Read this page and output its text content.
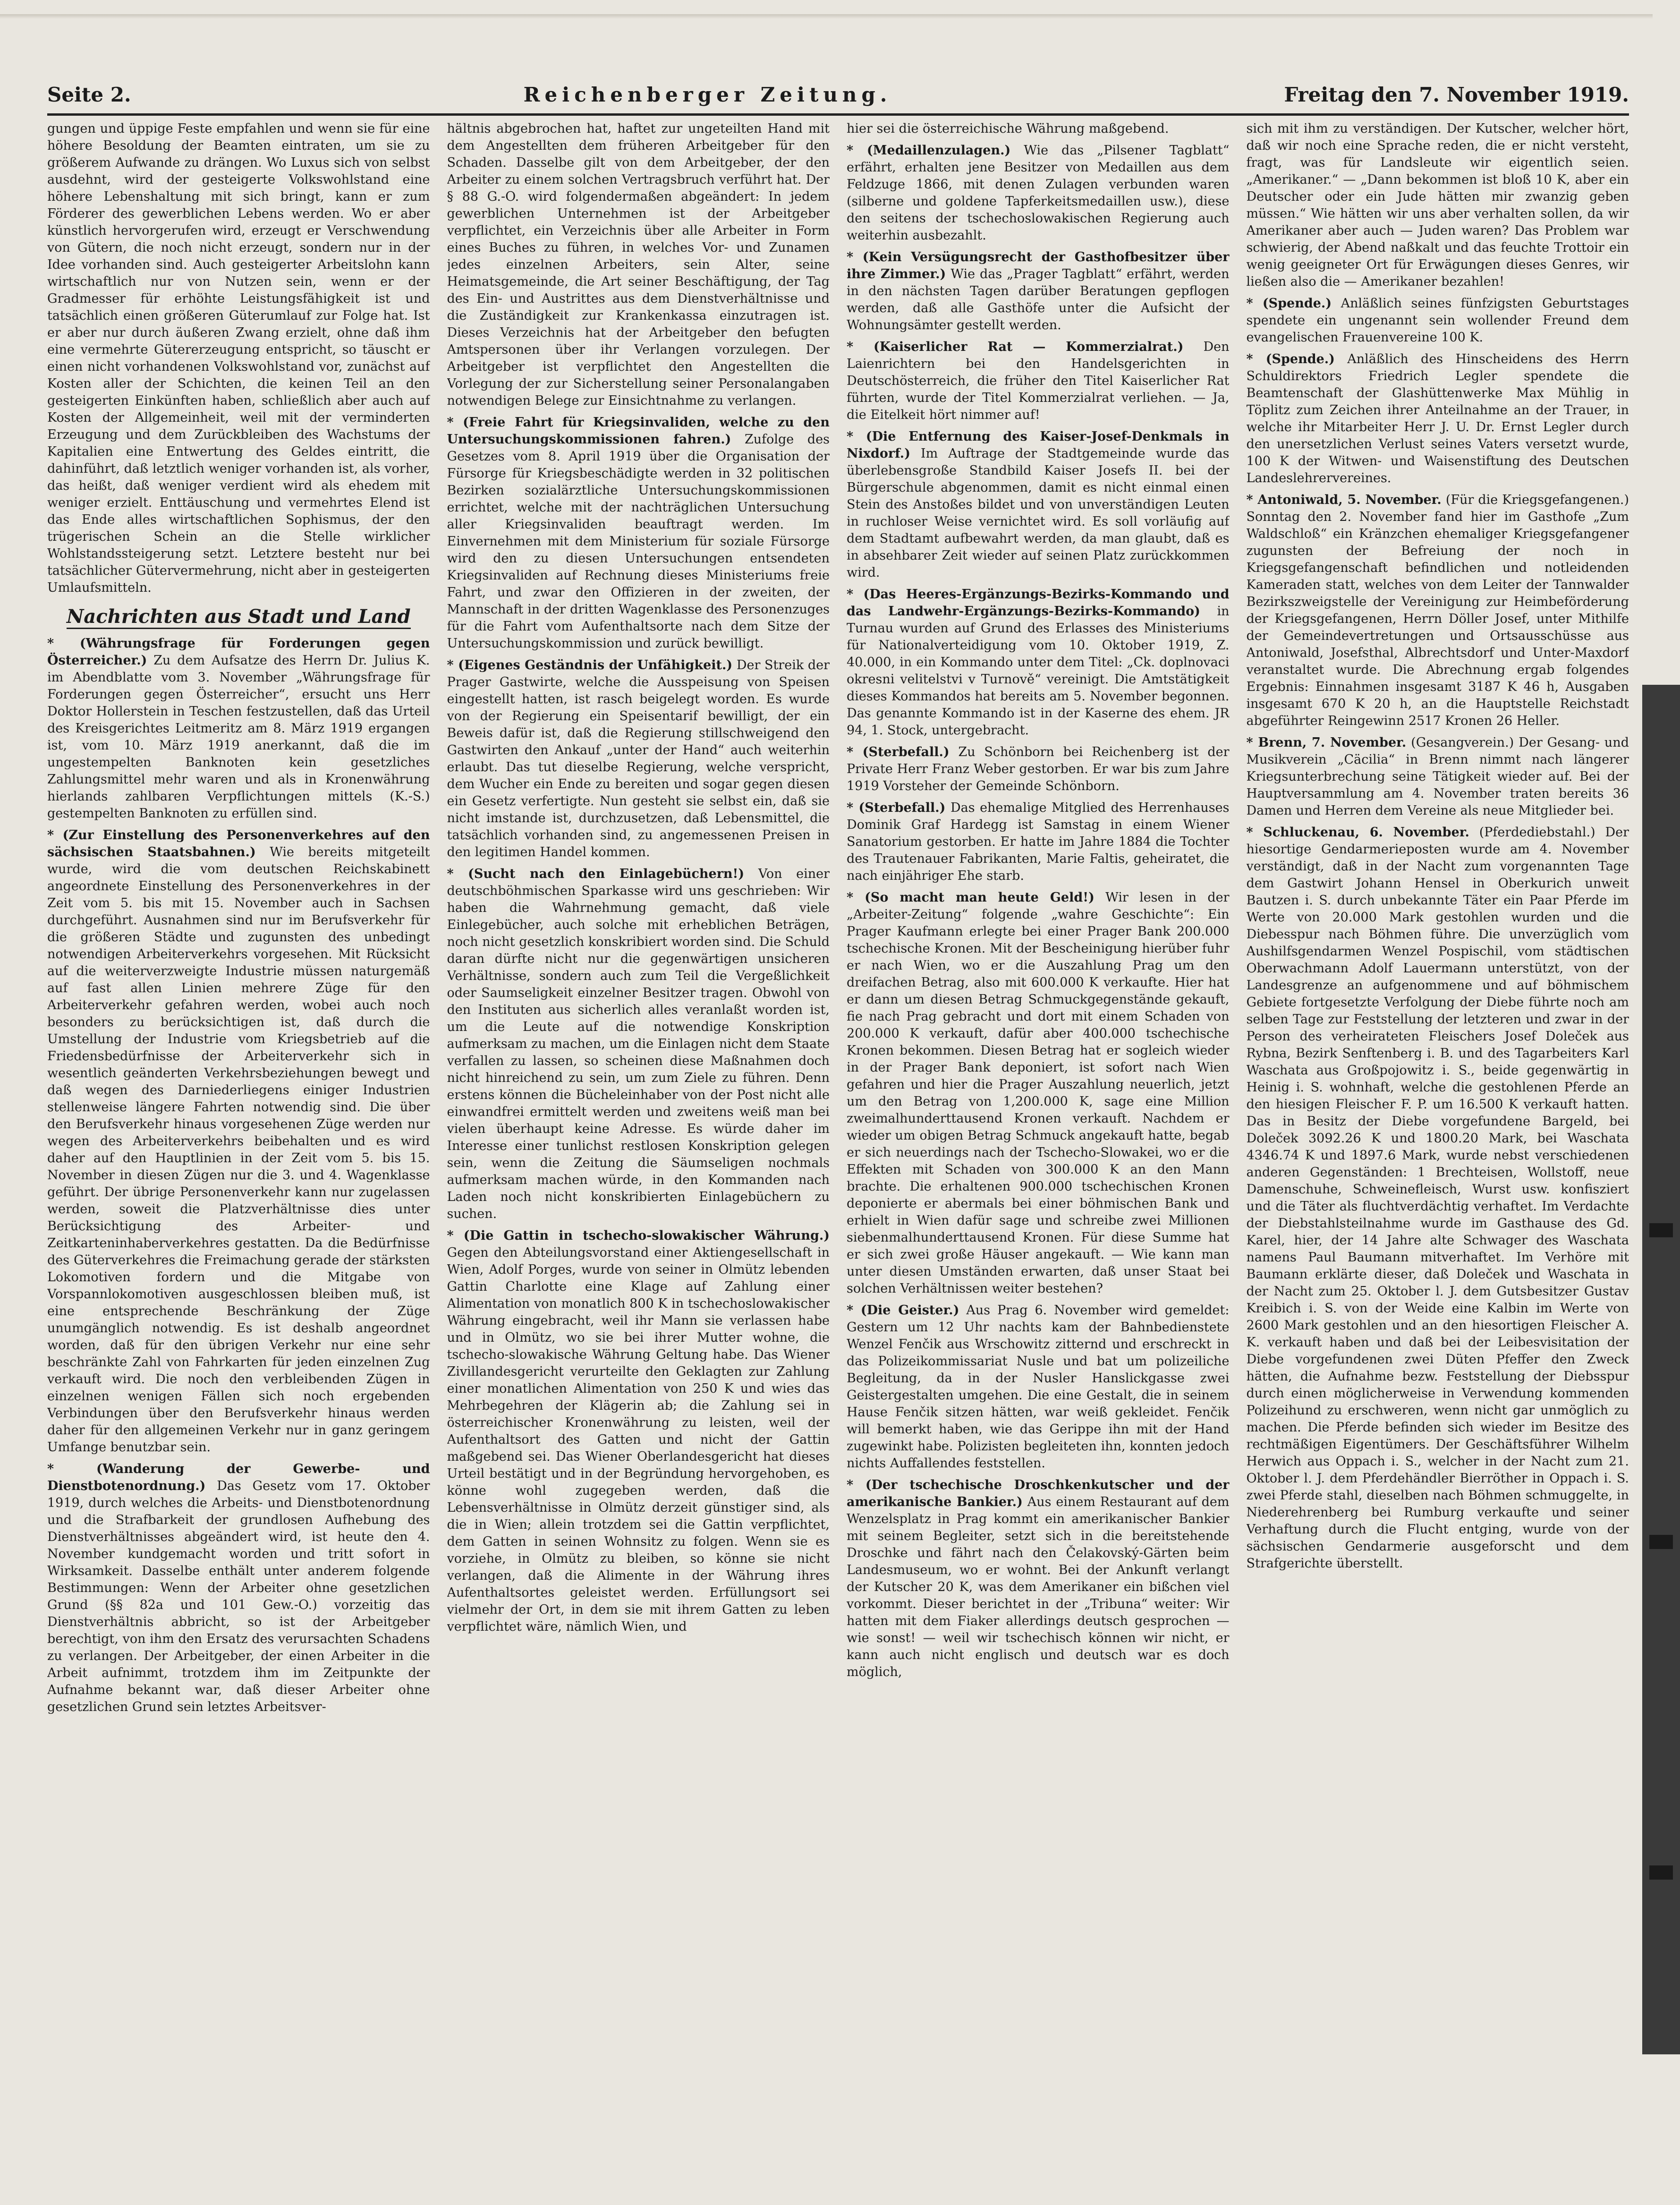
Seite 2.	Reichenberger Zeitung.	Freitag den 7. November 1919.

gungen und üppige Feste empfahlen und wenn sie für eine höhere Besoldung der Beamten eintraten, um sie zu größerem Aufwande zu drängen. Wo Luxus sich von selbst ausdehnt, wird der gesteigerte Volkswohlstand eine höhere Lebenshaltung mit sich bringt, kann er zum Förderer des gewerblichen Lebens werden. Wo er aber künstlich hervorgerufen wird, erzeugt er Verschwendung von Gütern, die noch nicht erzeugt, sondern nur in der Idee vorhanden sind. Auch gesteigerter Arbeitslohn kann wirtschaftlich nur von Nutzen sein, wenn er der Gradmesser für erhöhte Leistungsfähigkeit ist und tatsächlich einen größeren Güterumlauf zur Folge hat. Ist er aber nur durch äußeren Zwang erzielt, ohne daß ihm eine vermehrte Gütererzeugung entspricht, so täuscht er einen nicht vorhandenen Volkswohlstand vor, zunächst auf Kosten aller der Schichten, die keinen Teil an den gesteigerten Einkünften haben, schließlich aber auch auf Kosten der Allgemeinheit, weil mit der verminderten Erzeugung und dem Zurückbleiben des Wachstums der Kapitalien eine Entwertung des Geldes eintritt, die dahinführt, daß letztlich weniger vorhanden ist, als vorher, das heißt, daß weniger verdient wird als ehedem mit weniger erzielt. Enttäuschung und vermehrtes Elend ist das Ende alles wirtschaftlichen Sophismus, der den trügerischen Schein an die Stelle wirklicher Wohlstandssteigerung setzt. Letztere besteht nur bei tatsächlicher Gütervermehrung, nicht aber in gesteigerten Umlaufsmitteln.

Nachrichten aus Stadt und Land

* (Währungsfrage für Forderungen gegen Österreicher.) Zu dem Aufsatze des Herrn Dr. Julius K. im Abendblatte vom 3. November „Währungsfrage für Forderungen gegen Österreicher“, ersucht uns Herr Doktor Hollerstein in Teschen festzustellen, daß das Urteil des Kreisgerichtes Leitmeritz am 8. März 1919 ergangen ist, vom 10. März 1919 anerkannt, daß die im ungestempelten Banknoten kein gesetzliches Zahlungsmittel mehr waren und als in Kronenwährung hierlands zahlbaren Verpflichtungen mittels (K.-S.) gestempelten Banknoten zu erfüllen sind.

* (Zur Einstellung des Personenverkehres auf den sächsischen Staatsbahnen.) Wie bereits mitgeteilt wurde, wird die vom deutschen Reichskabinett angeordnete Einstellung des Personenverkehres in der Zeit vom 5. bis mit 15. November auch in Sachsen durchgeführt. Ausnahmen sind nur im Berufsverkehr für die größeren Städte und zugunsten des unbedingt notwendigen Arbeiterverkehrs vorgesehen. Mit Rücksicht auf die weiterverzweigte Industrie müssen naturgemäß auf fast allen Linien mehrere Züge für den Arbeiterverkehr gefahren werden, wobei auch noch besonders zu berücksichtigen ist, daß durch die Umstellung der Industrie vom Kriegsbetrieb auf die Friedensbedürfnisse der Arbeiterverkehr sich in wesentlich geänderten Verkehrsbeziehungen bewegt und daß wegen des Darniederliegens einiger Industrien stellenweise längere Fahrten notwendig sind. Die über den Berufsverkehr hinaus vorgesehenen Züge werden nur wegen des Arbeiterverkehrs beibehalten und es wird daher auf den Hauptlinien in der Zeit vom 5. bis 15. November in diesen Zügen nur die 3. und 4. Wagenklasse geführt. Der übrige Personenverkehr kann nur zugelassen werden, soweit die Platzverhältnisse dies unter Berücksichtigung des Arbeiter- und Zeitkarteninhaberverkehres gestatten. Da die Bedürfnisse des Güterverkehres die Freimachung gerade der stärksten Lokomotiven fordern und die Mitgabe von Vorspannlokomotiven ausgeschlossen bleiben muß, ist eine entsprechende Beschränkung der Züge unumgänglich notwendig. Es ist deshalb angeordnet worden, daß für den übrigen Verkehr nur eine sehr beschränkte Zahl von Fahrkarten für jeden einzelnen Zug verkauft wird. Die noch den verbleibenden Zügen in einzelnen wenigen Fällen sich noch ergebenden Verbindungen über den Berufsverkehr hinaus werden daher für den allgemeinen Verkehr nur in ganz geringem Umfange benutzbar sein.

* (Wanderung der Gewerbe- und Dienstbotenordnung.) Das Gesetz vom 17. Oktober 1919, durch welches die Arbeits- und Dienstbotenordnung und die Strafbarkeit der grundlosen Aufhebung des Dienstverhältnisses abgeändert wird, ist heute den 4. November kundgemacht worden und tritt sofort in Wirksamkeit. Dasselbe enthält unter anderem folgende Bestimmungen: Wenn der Arbeiter ohne gesetzlichen Grund (§§ 82a und 101 Gew.-O.) vorzeitig das Dienstverhältnis abbricht, so ist der Arbeitgeber berechtigt, von ihm den Ersatz des verursachten Schadens zu verlangen. Der Arbeitgeber, der einen Arbeiter in die Arbeit aufnimmt, trotzdem ihm im Zeitpunkte der Aufnahme bekannt war, daß dieser Arbeiter ohne gesetzlichen Grund sein letztes Arbeitsver-

hältnis abgebrochen hat, haftet zur ungeteilten Hand mit dem Angestellten dem früheren Arbeitgeber für den Schaden. Dasselbe gilt von dem Arbeitgeber, der den Arbeiter zu einem solchen Vertragsbruch verführt hat. Der § 88 G.-O. wird folgendermaßen abgeändert: In jedem gewerblichen Unternehmen ist der Arbeitgeber verpflichtet, ein Verzeichnis über alle Arbeiter in Form eines Buches zu führen, in welches Vor- und Zunamen jedes einzelnen Arbeiters, sein Alter, seine Heimatsgemeinde, die Art seiner Beschäftigung, der Tag des Ein- und Austrittes aus dem Dienstverhältnisse und die Zuständigkeit zur Krankenkassa einzutragen ist. Dieses Verzeichnis hat der Arbeitgeber den befugten Amtspersonen über ihr Verlangen vorzulegen. Der Arbeitgeber ist verpflichtet den Angestellten die Vorlegung der zur Sicherstellung seiner Personalangaben notwendigen Belege zur Einsichtnahme zu verlangen.

* (Freie Fahrt für Kriegsinvaliden, welche zu den Untersuchungskommissionen fahren.) Zufolge des Gesetzes vom 8. April 1919 über die Organisation der Fürsorge für Kriegsbeschädigte werden in 32 politischen Bezirken sozialärztliche Untersuchungskommissionen errichtet, welche mit der nachträglichen Untersuchung aller Kriegsinvaliden beauftragt werden. Im Einvernehmen mit dem Ministerium für soziale Fürsorge wird den zu diesen Untersuchungen entsendeten Kriegsinvaliden auf Rechnung dieses Ministeriums freie Fahrt, und zwar den Offizieren in der zweiten, der Mannschaft in der dritten Wagenklasse des Personenzuges für die Fahrt vom Aufenthaltsorte nach dem Sitze der Untersuchungskommission und zurück bewilligt.

* (Eigenes Geständnis der Unfähigkeit.) Der Streik der Prager Gastwirte, welche die Ausspeisung von Speisen eingestellt hatten, ist rasch beigelegt worden. Es wurde von der Regierung ein Speisentarif bewilligt, der ein Beweis dafür ist, daß die Regierung stillschweigend den Gastwirten den Ankauf „unter der Hand“ auch weiterhin erlaubt. Das tut dieselbe Regierung, welche verspricht, dem Wucher ein Ende zu bereiten und sogar gegen diesen ein Gesetz verfertigte. Nun gesteht sie selbst ein, daß sie nicht imstande ist, durchzusetzen, daß Lebensmittel, die tatsächlich vorhanden sind, zu angemessenen Preisen in den legitimen Handel kommen.

* (Sucht nach den Einlagebüchern!) Von einer deutschböhmischen Sparkasse wird uns geschrieben: Wir haben die Wahrnehmung gemacht, daß viele Einlegebücher, auch solche mit erheblichen Beträgen, noch nicht gesetzlich konskribiert worden sind. Die Schuld daran dürfte nicht nur die gegenwärtigen unsicheren Verhältnisse, sondern auch zum Teil die Vergeßlichkeit oder Saumseligkeit einzelner Besitzer tragen. Obwohl von den Instituten aus sicherlich alles veranlaßt worden ist, um die Leute auf die notwendige Konskription aufmerksam zu machen, um die Einlagen nicht dem Staate verfallen zu lassen, so scheinen diese Maßnahmen doch nicht hinreichend zu sein, um zum Ziele zu führen. Denn erstens können die Bücheleinhaber von der Post nicht alle einwandfrei ermittelt werden und zweitens weiß man bei vielen überhaupt keine Adresse. Es würde daher im Interesse einer tunlichst restlosen Konskription gelegen sein, wenn die Zeitung die Säumseligen nochmals aufmerksam machen würde, in den Kommanden nach Laden noch nicht konskribierten Einlagebüchern zu suchen.

* (Die Gattin in tschecho-slowakischer Währung.) Gegen den Abteilungsvorstand einer Aktiengesellschaft in Wien, Adolf Porges, wurde von seiner in Olmütz lebenden Gattin Charlotte eine Klage auf Zahlung einer Alimentation von monatlich 800 K in tschechoslowakischer Währung eingebracht, weil ihr Mann sie verlassen habe und in Olmütz, wo sie bei ihrer Mutter wohne, die tschecho-slowakische Währung Geltung habe. Das Wiener Zivillandesgericht verurteilte den Geklagten zur Zahlung einer monatlichen Alimentation von 250 K und wies das Mehrbegehren der Klägerin ab; die Zahlung sei in österreichischer Kronenwährung zu leisten, weil der Aufenthaltsort des Gatten und nicht der Gattin maßgebend sei. Das Wiener Oberlandesgericht hat dieses Urteil bestätigt und in der Begründung hervorgehoben, es könne wohl zugegeben werden, daß die Lebensverhältnisse in Olmütz derzeit günstiger sind, als die in Wien; allein trotzdem sei die Gattin verpflichtet, dem Gatten in seinen Wohnsitz zu folgen. Wenn sie es vorziehe, in Olmütz zu bleiben, so könne sie nicht verlangen, daß die Alimente in der Währung ihres Aufenthaltsortes geleistet werden. Erfüllungsort sei vielmehr der Ort, in dem sie mit ihrem Gatten zu leben verpflichtet wäre, nämlich Wien, und

hier sei die österreichische Währung maßgebend.

* (Medaillenzulagen.) Wie das „Pilsener Tagblatt“ erfährt, erhalten jene Besitzer von Medaillen aus dem Feldzuge 1866, mit denen Zulagen verbunden waren (silberne und goldene Tapferkeitsmedaillen usw.), diese den seitens der tschechoslowakischen Regierung auch weiterhin ausbezahlt.

* (Kein Versügungsrecht der Gasthofbesitzer über ihre Zimmer.) Wie das „Prager Tagblatt“ erfährt, werden in den nächsten Tagen darüber Beratungen gepflogen werden, daß alle Gasthöfe unter die Aufsicht der Wohnungsämter gestellt werden.

* (Kaiserlicher Rat — Kommerzialrat.) Den Laienrichtern bei den Handelsgerichten in Deutschösterreich, die früher den Titel Kaiserlicher Rat führten, wurde der Titel Kommerzialrat verliehen. — Ja, die Eitelkeit hört nimmer auf!

* (Die Entfernung des Kaiser-Josef-Denkmals in Nixdorf.) Im Auftrage der Stadtgemeinde wurde das überlebensgroße Standbild Kaiser Josefs II. bei der Bürgerschule abgenommen, damit es nicht einmal einen Stein des Anstoßes bildet und von unverständigen Leuten in ruchloser Weise vernichtet wird. Es soll vorläufig auf dem Stadtamt aufbewahrt werden, da man glaubt, daß es in absehbarer Zeit wieder auf seinen Platz zurückkommen wird.

* (Das Heeres-Ergänzungs-Bezirks-Kommando und das Landwehr-Ergänzungs-Bezirks-Kommando) in Turnau wurden auf Grund des Erlasses des Ministeriums für Nationalverteidigung vom 10. Oktober 1919, Z. 40.000, in ein Kommando unter dem Titel: „Ck. doplnovaci okresni velitelstvi v Turnově“ vereinigt. Die Amtstätigkeit dieses Kommandos hat bereits am 5. November begonnen. Das genannte Kommando ist in der Kaserne des ehem. JR 94, 1. Stock, untergebracht.

* (Sterbefall.) Zu Schönborn bei Reichenberg ist der Private Herr Franz Weber gestorben. Er war bis zum Jahre 1919 Vorsteher der Gemeinde Schönborn.

* (Sterbefall.) Das ehemalige Mitglied des Herrenhauses Dominik Graf Hardegg ist Samstag in einem Wiener Sanatorium gestorben. Er hatte im Jahre 1884 die Tochter des Trautenauer Fabrikanten, Marie Faltis, geheiratet, die nach einjähriger Ehe starb.

* (So macht man heute Geld!) Wir lesen in der „Arbeiter-Zeitung“ folgende „wahre Geschichte“: Ein Prager Kaufmann erlegte bei einer Prager Bank 200.000 tschechische Kronen. Mit der Bescheinigung hierüber fuhr er nach Wien, wo er die Auszahlung Prag um den dreifachen Betrag, also mit 600.000 K verkaufte. Hier hat er dann um diesen Betrag Schmuckgegenstände gekauft, fie nach Prag gebracht und dort mit einem Schaden von 200.000 K verkauft, dafür aber 400.000 tschechische Kronen bekommen. Diesen Betrag hat er sogleich wieder in der Prager Bank deponiert, ist sofort nach Wien gefahren und hier die Prager Auszahlung neuerlich, jetzt um den Betrag von 1,200.000 K, sage eine Million zweimalhunderttausend Kronen verkauft. Nachdem er wieder um obigen Betrag Schmuck angekauft hatte, begab er sich neuerdings nach der Tschecho-Slowakei, wo er die Effekten mit Schaden von 300.000 K an den Mann brachte. Die erhaltenen 900.000 tschechischen Kronen deponierte er abermals bei einer böhmischen Bank und erhielt in Wien dafür sage und schreibe zwei Millionen siebenmalhunderttausend Kronen. Für diese Summe hat er sich zwei große Häuser angekauft. — Wie kann man unter diesen Umständen erwarten, daß unser Staat bei solchen Verhältnissen weiter bestehen?

* (Die Geister.) Aus Prag 6. November wird gemeldet: Gestern um 12 Uhr nachts kam der Bahnbedienstete Wenzel Fenčik aus Wrschowitz zitternd und erschreckt in das Polizeikommissariat Nusle und bat um polizeiliche Begleitung, da in der Nusler Hanslickgasse zwei Geistergestalten umgehen. Die eine Gestalt, die in seinem Hause Fenčik sitzen hätten, war weiß gekleidet. Fenčik will bemerkt haben, wie das Gerippe ihn mit der Hand zugewinkt habe. Polizisten begleiteten ihn, konnten jedoch nichts Auffallendes feststellen.

* (Der tschechische Droschkenkutscher und der amerikanische Bankier.) Aus einem Restaurant auf dem Wenzelsplatz in Prag kommt ein amerikanischer Bankier mit seinem Begleiter, setzt sich in die bereitstehende Droschke und fährt nach den Čelakovský-Gärten beim Landesmuseum, wo er wohnt. Bei der Ankunft verlangt der Kutscher 20 K, was dem Amerikaner ein bißchen viel vorkommt. Dieser berichtet in der „Tribuna“ weiter: Wir hatten mit dem Fiaker allerdings deutsch gesprochen — wie sonst! — weil wir tschechisch können wir nicht, er kann auch nicht englisch und deutsch war es doch möglich,

sich mit ihm zu verständigen. Der Kutscher, welcher hört, daß wir noch eine Sprache reden, die er nicht versteht, fragt, was für Landsleute wir eigentlich seien. „Amerikaner.“ — „Dann bekommen ist bloß 10 K, aber ein Deutscher oder ein Jude hätten mir zwanzig geben müssen.“ Wie hätten wir uns aber verhalten sollen, da wir Amerikaner aber auch — Juden waren? Das Problem war schwierig, der Abend naßkalt und das feuchte Trottoir ein wenig geeigneter Ort für Erwägungen dieses Genres, wir ließen also die — Amerikaner bezahlen!

* (Spende.) Anläßlich seines fünfzigsten Geburtstages spendete ein ungenannt sein wollender Freund dem evangelischen Frauenvereine 100 K.

* (Spende.) Anläßlich des Hinscheidens des Herrn Schuldirektors Friedrich Legler spendete die Beamtenschaft der Glashüttenwerke Max Mühlig in Töplitz zum Zeichen ihrer Anteilnahme an der Trauer, in welche ihr Mitarbeiter Herr J. U. Dr. Ernst Legler durch den unersetzlichen Verlust seines Vaters versetzt wurde, 100 K der Witwen- und Waisenstiftung des Deutschen Landeslehrervereines.

* Antoniwald, 5. November. (Für die Kriegsgefangenen.) Sonntag den 2. November fand hier im Gasthofe „Zum Waldschloß“ ein Kränzchen ehemaliger Kriegsgefangener zugunsten der Befreiung der noch in Kriegsgefangenschaft befindlichen und notleidenden Kameraden statt, welches von dem Leiter der Tannwalder Bezirkszweigstelle der Vereinigung zur Heimbeförderung der Kriegsgefangenen, Herrn Döller Josef, unter Mithilfe der Gemeindevertretungen und Ortsausschüsse aus Antoniwald, Josefsthal, Albrechtsdorf und Unter-Maxdorf veranstaltet wurde. Die Abrechnung ergab folgendes Ergebnis: Einnahmen insgesamt 3187 K 46 h, Ausgaben insgesamt 670 K 20 h, an die Hauptstelle Reichstadt abgeführter Reingewinn 2517 Kronen 26 Heller.

* Brenn, 7. November. (Gesangverein.) Der Gesang- und Musikverein „Cäcilia“ in Brenn nimmt nach längerer Kriegsunterbrechung seine Tätigkeit wieder auf. Bei der Hauptversammlung am 4. November traten bereits 36 Damen und Herren dem Vereine als neue Mitglieder bei.

* Schluckenau, 6. November. (Pferdediebstahl.) Der hiesortige Gendarmerieposten wurde am 4. November verständigt, daß in der Nacht zum vorgenannten Tage dem Gastwirt Johann Hensel in Oberkurich unweit Bautzen i. S. durch unbekannte Täter ein Paar Pferde im Werte von 20.000 Mark gestohlen wurden und die Diebesspur nach Böhmen führe. Die unverzüglich vom Aushilfsgendarmen Wenzel Pospischil, vom städtischen Oberwachmann Adolf Lauermann unterstützt, von der Landesgrenze an aufgenommene und auf böhmischem Gebiete fortgesetzte Verfolgung der Diebe führte noch am selben Tage zur Feststellung der letzteren und zwar in der Person des verheirateten Fleischers Josef Doleček aus Rybna, Bezirk Senftenberg i. B. und des Tagarbeiters Karl Waschata aus Großpojowitz i. S., beide gegenwärtig in Heinig i. S. wohnhaft, welche die gestohlenen Pferde an den hiesigen Fleischer F. P. um 16.500 K verkauft hatten. Das in Besitz der Diebe vorgefundene Bargeld, bei Doleček 3092.26 K und 1800.20 Mark, bei Waschata 4346.74 K und 1897.6 Mark, wurde nebst verschiedenen anderen Gegenständen: 1 Brechteisen, Wollstoff, neue Damenschuhe, Schweinefleisch, Wurst usw. konfisziert und die Täter als fluchtverdächtig verhaftet. Im Verdachte der Diebstahlsteilnahme wurde im Gasthause des Gd. Karel, hier, der 14 Jahre alte Schwager des Waschata namens Paul Baumann mitverhaftet. Im Verhöre mit Baumann erklärte dieser, daß Doleček und Waschata in der Nacht zum 25. Oktober l. J. dem Gutsbesitzer Gustav Kreibich i. S. von der Weide eine Kalbin im Werte von 2600 Mark gestohlen und an den hiesortigen Fleischer A. K. verkauft haben und daß bei der Leibesvisitation der Diebe vorgefundenen zwei Düten Pfeffer den Zweck hätten, die Aufnahme bezw. Feststellung der Diebsspur durch einen möglicherweise in Verwendung kommenden Polizeihund zu erschweren, wenn nicht gar unmöglich zu machen. Die Pferde befinden sich wieder im Besitze des rechtmäßigen Eigentümers. Der Geschäftsführer Wilhelm Herwich aus Oppach i. S., welcher in der Nacht zum 21. Oktober l. J. dem Pferdehändler Bierröther in Oppach i. S. zwei Pferde stahl, dieselben nach Böhmen schmuggelte, in Niederehrenberg bei Rumburg verkaufte und seiner Verhaftung durch die Flucht entging, wurde von der sächsischen Gendarmerie ausgeforscht und dem Strafgerichte überstellt.
